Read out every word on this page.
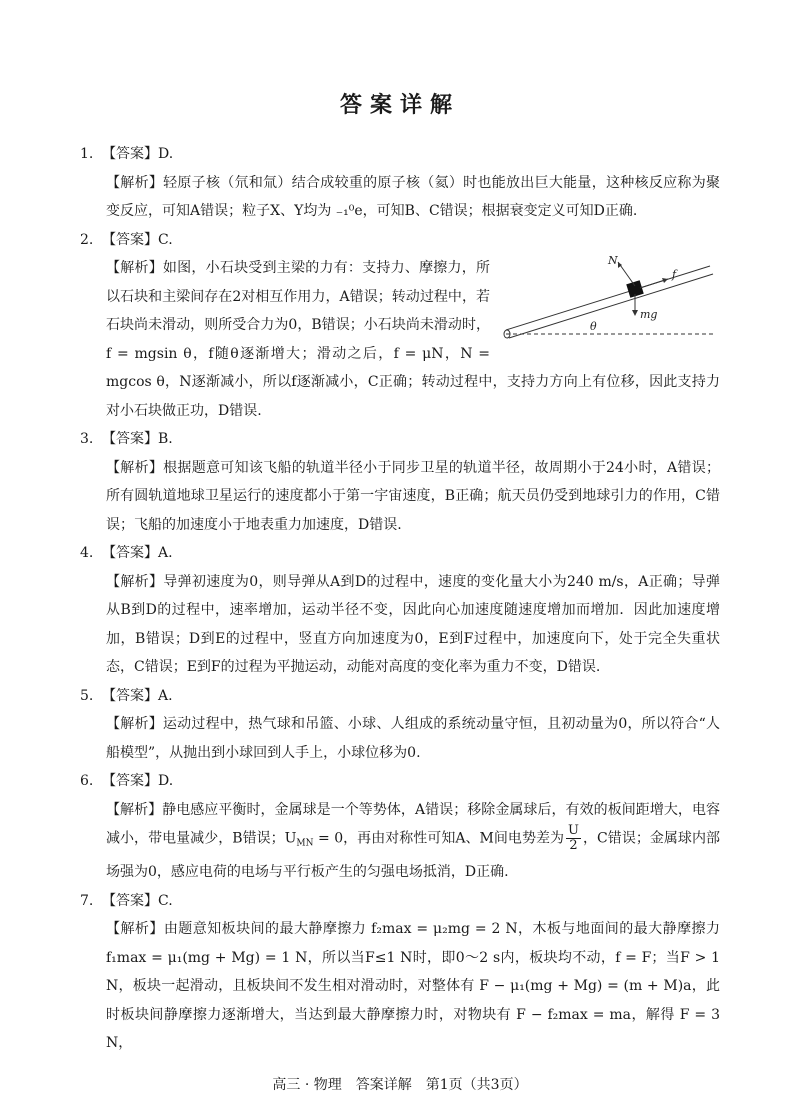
答案详解
1. 【答案】D.
【解析】轻原子核（氘和氚）结合成较重的原子核（氦）时也能放出巨大能量，这种核反应称为聚变反应，可知A错误；粒子X、Y均为 ₋₁⁰e，可知B、C错误；根据衰变定义可知D正确.
2. 【答案】C.
N
f
mg
θ
【解析】如图，小石块受到主梁的力有：支持力、摩擦力，所以石块和主梁间存在2对相互作用力，A错误；转动过程中，若石块尚未滑动，则所受合力为0，B错误；小石块尚未滑动时，f = mgsin θ，f随θ逐渐增大；滑动之后，f = μN，N = mgcos θ，N逐渐减小，所以f逐渐减小，C正确；转动过程中，支持力方向上有位移，因此支持力对小石块做正功，D错误.
3. 【答案】B.
【解析】根据题意可知该飞船的轨道半径小于同步卫星的轨道半径，故周期小于24小时，A错误；所有圆轨道地球卫星运行的速度都小于第一宇宙速度，B正确；航天员仍受到地球引力的作用，C错误；飞船的加速度小于地表重力加速度，D错误.
4. 【答案】A.
【解析】导弹初速度为0，则导弹从A到D的过程中，速度的变化量大小为240 m/s，A正确；导弹从B到D的过程中，速率增加，运动半径不变，因此向心加速度随速度增加而增加．因此加速度增加，B错误；D到E的过程中，竖直方向加速度为0，E到F过程中，加速度向下，处于完全失重状态，C错误；E到F的过程为平抛运动，动能对高度的变化率为重力不变，D错误.
5. 【答案】A.
【解析】运动过程中，热气球和吊篮、小球、人组成的系统动量守恒，且初动量为0，所以符合“人船模型”，从抛出到小球回到人手上，小球位移为0.
6. 【答案】D.
【解析】静电感应平衡时，金属球是一个等势体，A错误；移除金属球后，有效的板间距增大，电容减小，带电量减少，B错误；$U_{MN} = 0$，再由对称性可知A、M间电势差为 $\frac{U}{2}$ ，C错误；金属球内部场强为0，感应电荷的电场与平行板产生的匀强电场抵消，D正确.
7. 【答案】C.
【解析】由题意知板块间的最大静摩擦力 f₂max = μ₂mg = 2 N，木板与地面间的最大静摩擦力 f₁max = μ₁(mg + Mg) = 1 N，所以当F≤1 N时，即0～2 s内，板块均不动，f = F；当F > 1 N，板块一起滑动，且板块间不发生相对滑动时，对整体有 F − μ₁(mg + Mg) = (m + M)a，此时板块间静摩擦力逐渐增大，当达到最大静摩擦力时，对物块有 F − f₂max = ma，解得 F = 3 N，
高三 · 物理　答案详解　第1页（共3页）
